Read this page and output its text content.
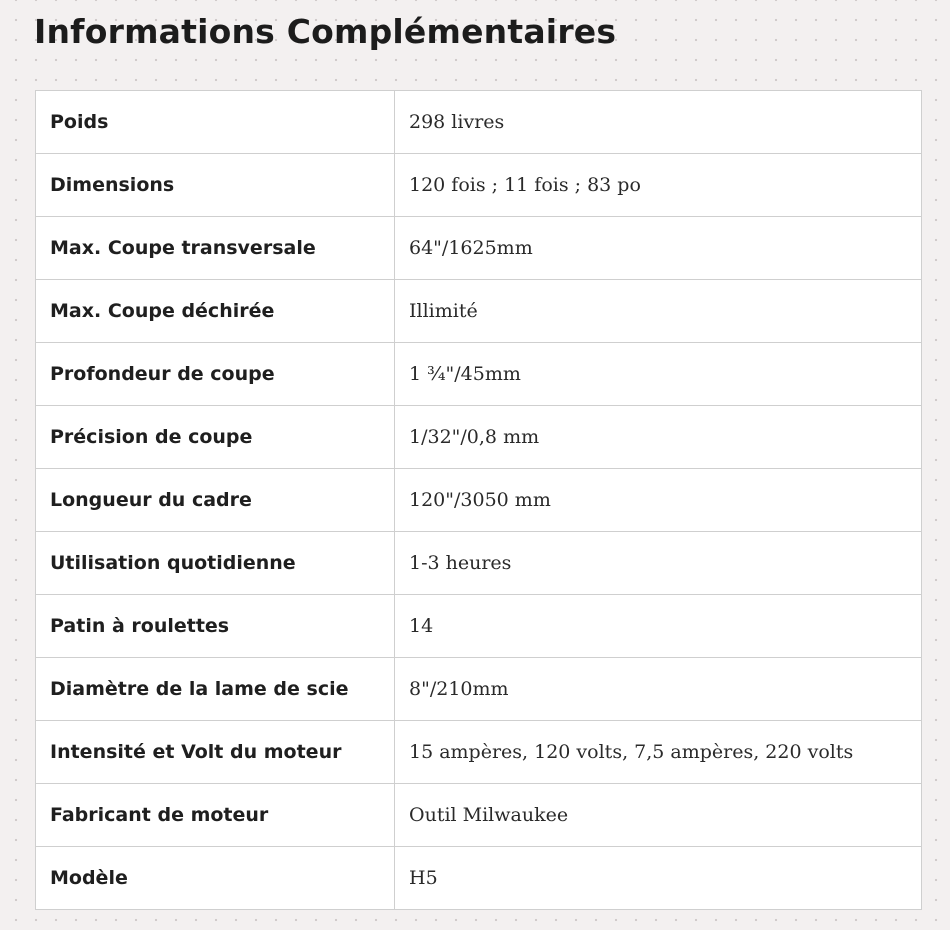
Informations Complémentaires
Poids	298 livres
Dimensions	120 fois ; 11 fois ; 83 po
Max. Coupe transversale	64"/1625mm
Max. Coupe déchirée	Illimité
Profondeur de coupe	1 ¾"/45mm
Précision de coupe	1/32"/0,8 mm
Longueur du cadre	120"/3050 mm
Utilisation quotidienne	1-3 heures
Patin à roulettes	14
Diamètre de la lame de scie	8"/210mm
Intensité et Volt du moteur	15 ampères, 120 volts, 7,5 ampères, 220 volts
Fabricant de moteur	Outil Milwaukee
Modèle	H5
